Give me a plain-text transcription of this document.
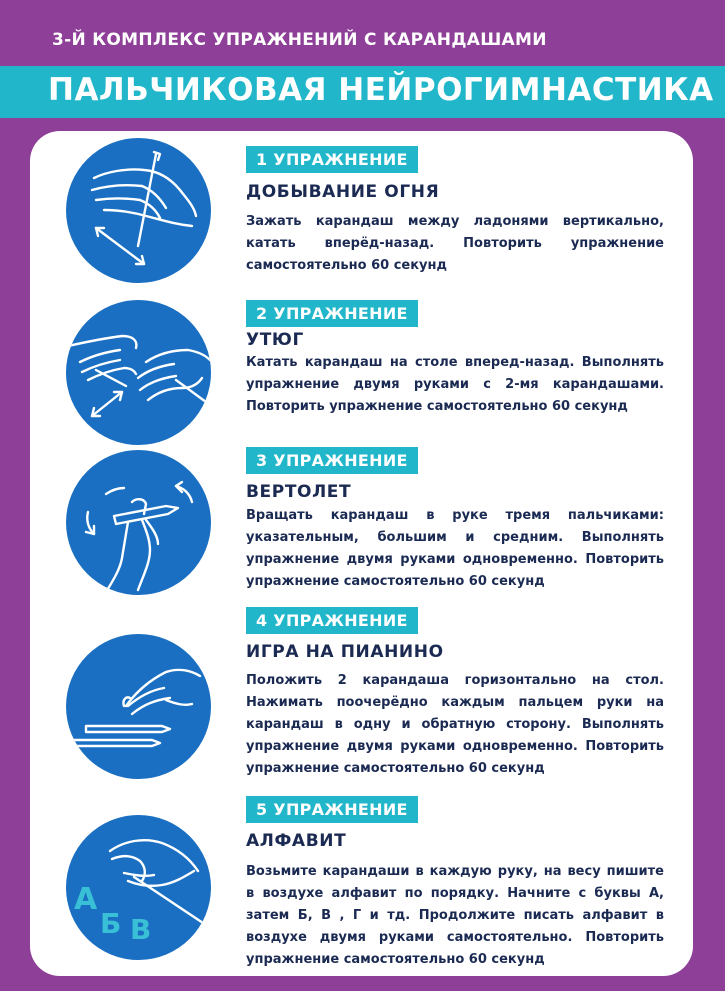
3-Й КОМПЛЕКС УПРАЖНЕНИЙ С КАРАНДАШАМИ
ПАЛЬЧИКОВАЯ НЕЙРОГИМНАСТИКА
1 УПРАЖНЕНИЕ
ДОБЫВАНИЕ ОГНЯ

Зажать карандаш между ладонями вертикально, катать вперёд-назад. Повторить упражнение самостоятельно 60 секунд

2 УПРАЖНЕНИЕ
УТЮГ

Катать карандаш на столе вперед-назад. Выполнять упражнение двумя руками с 2-мя карандашами. Повторить упражнение самостоятельно 60 секунд

3 УПРАЖНЕНИЕ
ВЕРТОЛЕТ

Вращать карандаш в руке тремя пальчиками: указательным, большим и средним. Выполнять упражнение двумя руками одновременно. Повторить упражнение самостоятельно 60 секунд

4 УПРАЖНЕНИЕ
ИГРА НА ПИАНИНО

Положить 2 карандаша горизонтально на стол. Нажимать поочерёдно каждым пальцем руки на карандаш в одну и обратную сторону. Выполнять упражнение двумя руками одновременно. Повторить упражнение самостоятельно 60 секунд

А
Б В
5 УПРАЖНЕНИЕ
АЛФАВИТ

Возьмите карандаши в каждую руку, на весу пишите в воздухе алфавит по порядку. Начните с буквы А, затем Б, В , Г и тд. Продолжите писать алфавит в воздухе двумя руками самостоятельно. Повторить упражнение самостоятельно 60 секунд
